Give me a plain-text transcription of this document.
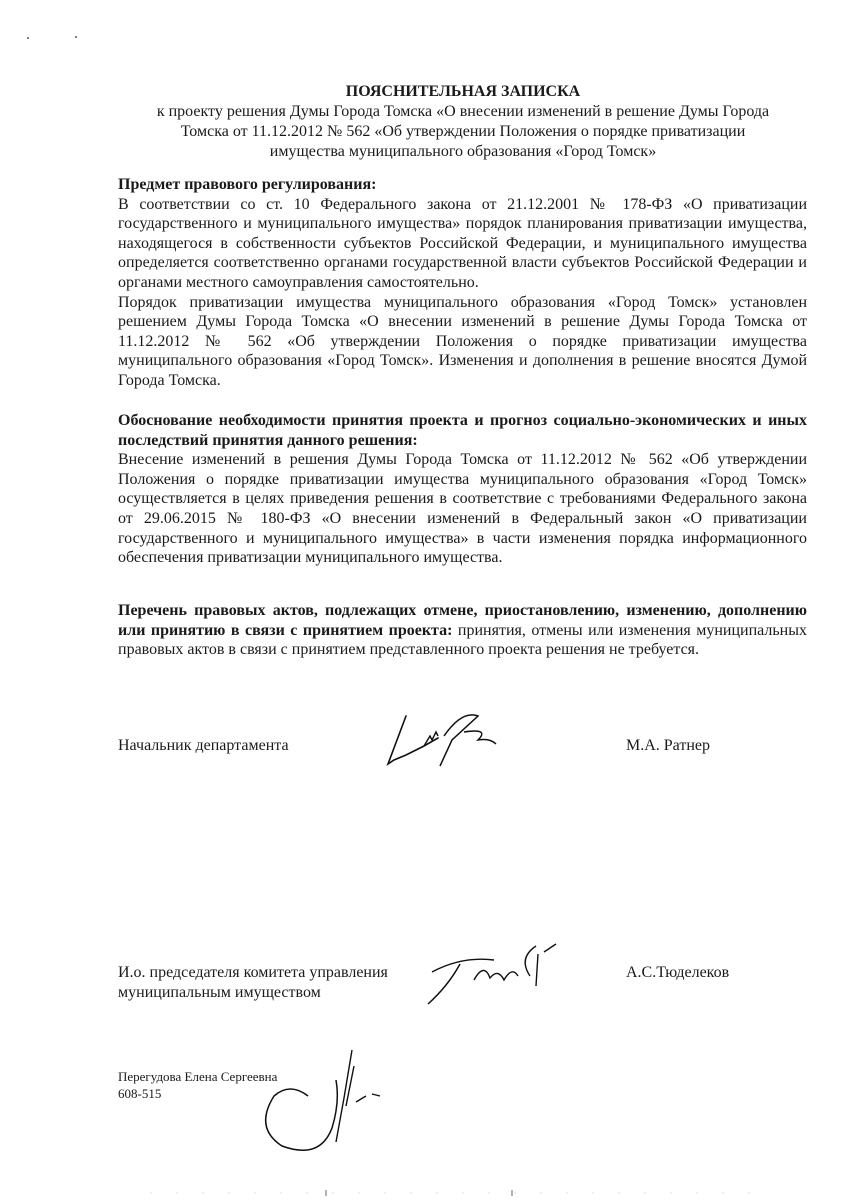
ПОЯСНИТЕЛЬНАЯ ЗАПИСКА

к проекту решения Думы Города Томска «О внесении изменений в решение Думы Города

Томска от 11.12.2012 № 562 «Об утверждении Положения о порядке приватизации

имущества муниципального образования «Город Томск»

Предмет правового регулирования:

В соответствии со ст. 10 Федерального закона от 21.12.2001 № 178-ФЗ «О приватизации государственного и муниципального имущества» порядок планирования приватизации имущества, находящегося в собственности субъектов Российской Федерации, и муниципального имущества определяется соответственно органами государственной власти субъектов Российской Федерации и органами местного самоуправления самостоятельно.

Порядок приватизации имущества муниципального образования «Город Томск» установлен решением Думы Города Томска «О внесении изменений в решение Думы Города Томска от 11.12.2012 № 562 «Об утверждении Положения о порядке приватизации имущества муниципального образования «Город Томск». Изменения и дополнения в решение вносятся Думой Города Томска.

Обоснование необходимости принятия проекта и прогноз социально-экономических и иных последствий принятия данного решения:

Внесение изменений в решения Думы Города Томска от 11.12.2012 № 562 «Об утверждении Положения о порядке приватизации имущества муниципального образования «Город Томск» осуществляется в целях приведения решения в соответствие с требованиями Федерального закона от 29.06.2015 № 180-ФЗ «О внесении изменений в Федеральный закон «О приватизации государственного и муниципального имущества» в части изменения порядка информационного обеспечения приватизации муниципального имущества.

Перечень правовых актов, подлежащих отмене, приостановлению, изменению, дополнению или принятию в связи с принятием проекта: принятия, отмены или изменения муниципальных правовых актов в связи с принятием представленного проекта решения не требуется.

Начальник департамента	М.А. Ратнер
И.о. председателя комитета управления
муниципальным имуществом
А.С.Тюделеков
Перегудова Елена Сергеевна
608-515
